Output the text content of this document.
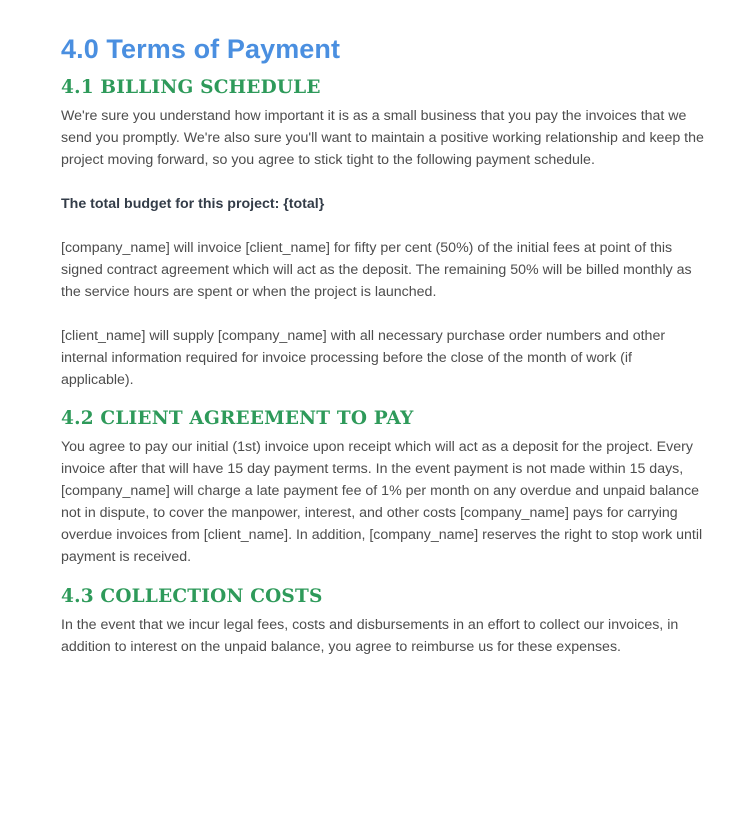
4.0 Terms of Payment
4.1 BILLING SCHEDULE

We're sure you understand how important it is as a small business that you pay the invoices that we send you promptly. We're also sure you'll want to maintain a positive working relationship and keep the project moving forward, so you agree to stick tight to the following payment schedule.

The total budget for this project: {total}

[company_name] will invoice [client_name] for fifty per cent (50%) of the initial fees at point of this signed contract agreement which will act as the deposit. The remaining 50% will be billed monthly as the service hours are spent or when the project is launched.

[client_name] will supply [company_name] with all necessary purchase order numbers and other internal information required for invoice processing before the close of the month of work (if applicable).

4.2 CLIENT AGREEMENT TO PAY

You agree to pay our initial (1st) invoice upon receipt which will act as a deposit for the project. Every invoice after that will have 15 day payment terms. In the event payment is not made within 15 days, [company_name] will charge a late payment fee of 1% per month on any overdue and unpaid balance not in dispute, to cover the manpower, interest, and other costs [company_name] pays for carrying overdue invoices from [client_name]. In addition, [company_name] reserves the right to stop work until payment is received.

4.3 COLLECTION COSTS

In the event that we incur legal fees, costs and disbursements in an effort to collect our invoices, in addition to interest on the unpaid balance, you agree to reimburse us for these expenses.
